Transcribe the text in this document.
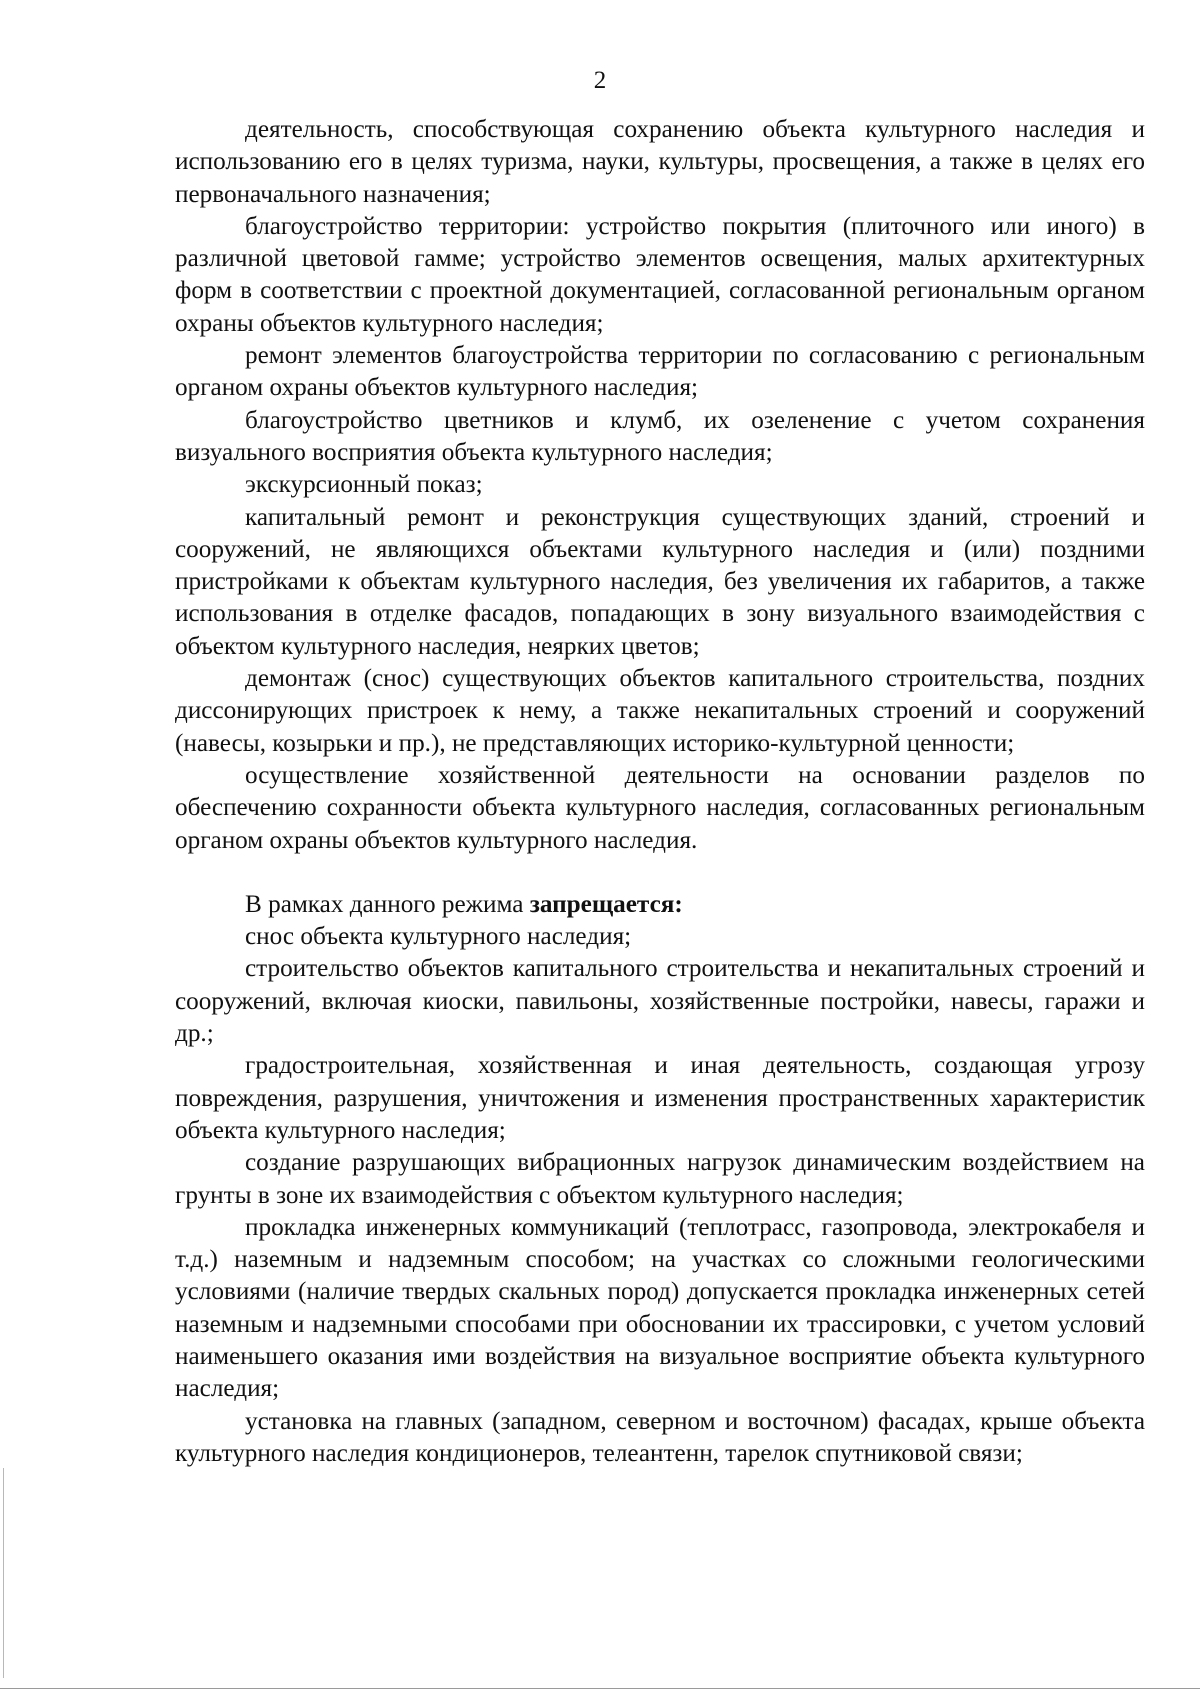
2

деятельность, способствующая сохранению объекта культурного наследия и использованию его в целях туризма, науки, культуры, просвещения, а также в целях его первоначального назначения;

благоустройство территории: устройство покрытия (плиточного или иного) в различной цветовой гамме; устройство элементов освещения, малых архитектурных форм в соответствии с проектной документацией, согласованной региональным органом охраны объектов культурного наследия;

ремонт элементов благоустройства территории по согласованию с региональным органом охраны объектов культурного наследия;

благоустройство цветников и клумб, их озеленение с учетом сохранения визуального восприятия объекта культурного наследия;

экскурсионный показ;

капитальный ремонт и реконструкция существующих зданий, строений и сооружений, не являющихся объектами культурного наследия и (или) поздними пристройками к объектам культурного наследия, без увеличения их габаритов, а также использования в отделке фасадов, попадающих в зону визуального взаимодействия с объектом культурного наследия, неярких цветов;

демонтаж (снос) существующих объектов капитального строительства, поздних диссонирующих пристроек к нему, а также некапитальных строений и сооружений (навесы, козырьки и пр.), не представляющих историко-культурной ценности;

осуществление хозяйственной деятельности на основании разделов по обеспечению сохранности объекта культурного наследия, согласованных региональным органом охраны объектов культурного наследия.

В рамках данного режима запрещается:

снос объекта культурного наследия;

строительство объектов капитального строительства и некапитальных строений и сооружений, включая киоски, павильоны, хозяйственные постройки, навесы, гаражи и др.;

градостроительная, хозяйственная и иная деятельность, создающая угрозу повреждения, разрушения, уничтожения и изменения пространственных характеристик объекта культурного наследия;

создание разрушающих вибрационных нагрузок динамическим воздействием на грунты в зоне их взаимодействия с объектом культурного наследия;

прокладка инженерных коммуникаций (теплотрасс, газопровода, электрокабеля и т.д.) наземным и надземным способом; на участках со сложными геологическими условиями (наличие твердых скальных пород) допускается прокладка инженерных сетей наземным и надземными способами при обосновании их трассировки, с учетом условий наименьшего оказания ими воздействия на визуальное восприятие объекта культурного наследия;

установка на главных (западном, северном и восточном) фасадах, крыше объекта культурного наследия кондиционеров, телеантенн, тарелок спутниковой связи;
